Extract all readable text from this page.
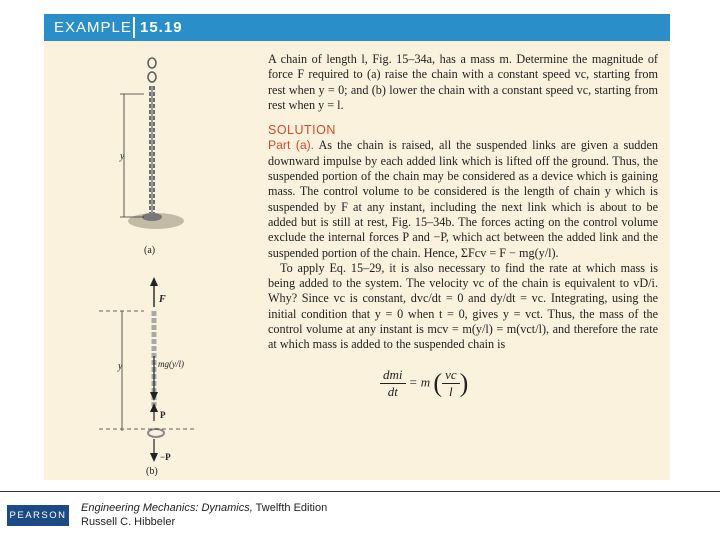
EXAMPLE 15.19
y
(a)
F
mg(y/l)
P
−P
y
(b)

A chain of length l, Fig. 15–34a, has a mass m. Determine the magnitude of force F required to (a) raise the chain with a constant speed vc, starting from rest when y = 0; and (b) lower the chain with a constant speed vc, starting from rest when y = l.

SOLUTION

Part (a). As the chain is raised, all the suspended links are given a sudden downward impulse by each added link which is lifted off the ground. Thus, the suspended portion of the chain may be considered as a device which is gaining mass. The control volume to be considered is the length of chain y which is suspended by F at any instant, including the next link which is about to be added but is still at rest, Fig. 15–34b. The forces acting on the control volume exclude the internal forces P and −P, which act between the added link and the suspended portion of the chain. Hence, ΣFcv = F − mg(y/l).

To apply Eq. 15–29, it is also necessary to find the rate at which mass is being added to the system. The velocity vc of the chain is equivalent to vD/i. Why? Since vc is constant, dvc/dt = 0 and dy/dt = vc. Integrating, using the initial condition that y = 0 when t = 0, gives y = vct. Thus, the mass of the control volume at any instant is mcv = m(y/l) = m(vct/l), and therefore the rate at which mass is added to the suspended chain is

$\frac{\text{dmi}}{dt} = m$ ( $\frac{vc}{l}$ )
PEARSON
Engineering Mechanics: Dynamics, Twelfth Edition
Russell C. Hibbeler
